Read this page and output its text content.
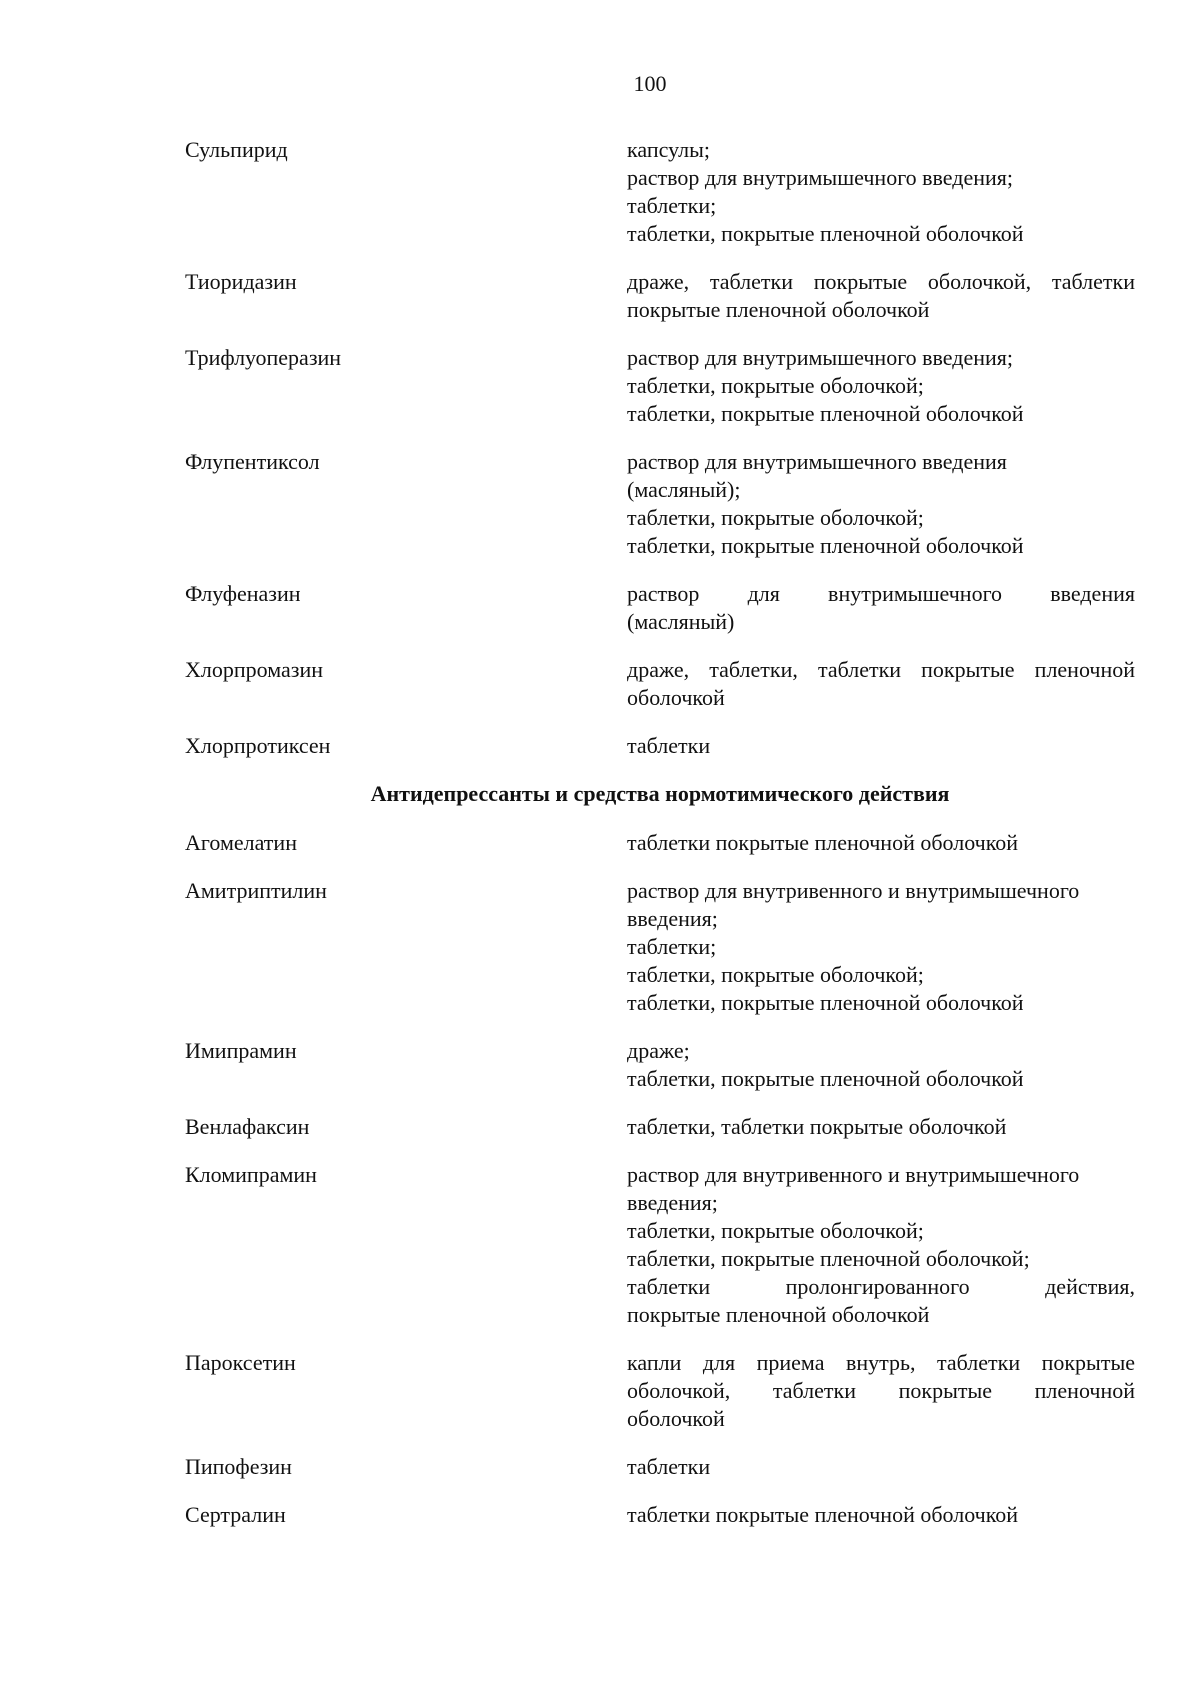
100
Сульпирид	капсулы;
раствор для внутримышечного введения;
таблетки;
таблетки, покрытые пленочной оболочкой
Тиоридазин	драже, таблетки покрытые оболочкой, таблетки
покрытые пленочной оболочкой
Трифлуоперазин	раствор для внутримышечного введения;
таблетки, покрытые оболочкой;
таблетки, покрытые пленочной оболочкой
Флупентиксол	раствор для внутримышечного введения
(масляный);
таблетки, покрытые оболочкой;
таблетки, покрытые пленочной оболочкой
Флуфеназин	раствор для внутримышечного введения
(масляный)
Хлорпромазин	драже, таблетки, таблетки покрытые пленочной
оболочкой
Хлорпротиксен	таблетки
Антидепрессанты и средства нормотимического действия
Агомелатин	таблетки покрытые пленочной оболочкой
Амитриптилин	раствор для внутривенного и внутримышечного
введения;
таблетки;
таблетки, покрытые оболочкой;
таблетки, покрытые пленочной оболочкой
Имипрамин	драже;
таблетки, покрытые пленочной оболочкой
Венлафаксин	таблетки, таблетки покрытые оболочкой
Кломипрамин	раствор для внутривенного и внутримышечного
введения;
таблетки, покрытые оболочкой;
таблетки, покрытые пленочной оболочкой;
таблетки пролонгированного действия,
покрытые пленочной оболочкой
Пароксетин	капли для приема внутрь, таблетки покрытые
оболочкой, таблетки покрытые пленочной
оболочкой
Пипофезин	таблетки
Сертралин	таблетки покрытые пленочной оболочкой
